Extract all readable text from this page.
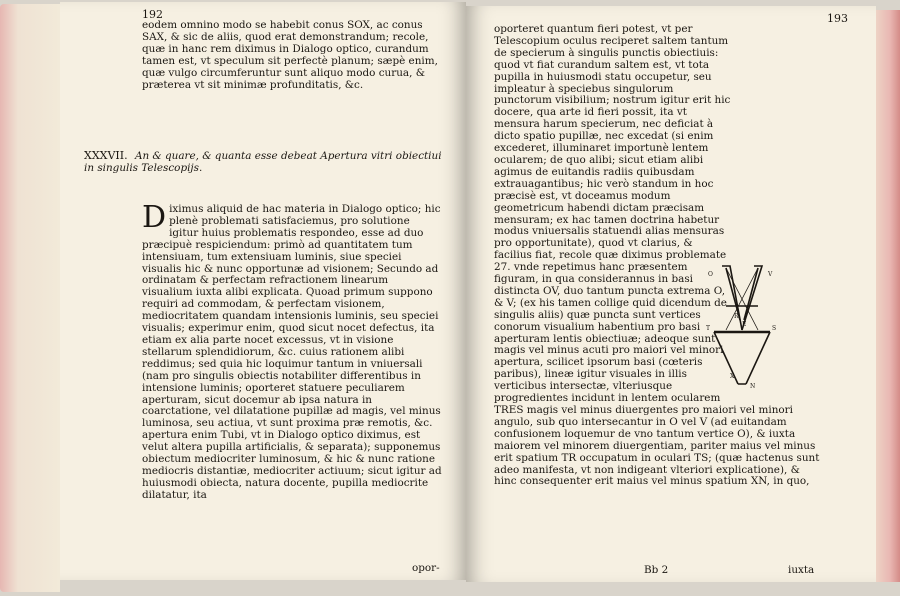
192

eodem omnino modo se habebit conus SOX, ac conus SAX, & sic de aliis, quod erat demonstrandum; recole, quæ in hanc rem diximus in Dialogo optico, curandum tamen est, vt speculum sit perfectè planum; sæpè enim, quæ vulgo circumferuntur sunt aliquo modo curua, & præterea vt sit minimæ profunditatis, &c.

XXXVII. An & quare, & quanta esse debeat Apertura vitri obiectiui in singulis Telescopijs.

Diximus aliquid de hac materia in Dialogo optico; hic plenè problemati satisfaciemus, pro solutione igitur huius problematis respondeo, esse ad duo præcipuè respiciendum: primò ad quantitatem tum intensiuam, tum extensiuam luminis, siue speciei visualis hic & nunc opportunæ ad visionem; Secundo ad ordinatam & perfectam refractionem linearum visualium iuxta alibi explicata. Quoad primum suppono requiri ad commodam, & perfectam visionem, mediocritatem quandam intensionis luminis, seu speciei visualis; experimur enim, quod sicut nocet defectus, ita etiam ex alia parte nocet excessus, vt in visione stellarum splendidiorum, &c. cuius rationem alibi reddimus; sed quia hic loquimur tantum in vniuersali (nam pro singulis obiectis notabiliter differentibus in intensione luminis; oporteret statuere peculiarem aperturam, sicut docemur ab ipsa natura in coarctatione, vel dilatatione pupillæ ad magis, vel minus luminosa, seu actiua, vt sunt proxima præ remotis, &c. apertura enim Tubi, vt in Dialogo optico diximus, est velut altera pupilla artificialis, & separata); supponemus obiectum mediocriter luminosum, & hic & nunc ratione mediocris distantiæ, mediocriter actiuum; sicut igitur ad huiusmodi obiecta, natura docente, pupilla mediocrite dilatatur, ita

opor-
193

oporteret quantum fieri potest, vt per Telescopium oculus reciperet saltem tantum de specierum à singulis punctis obiectiuis: quod vt fiat curandum saltem est, vt tota pupilla in huiusmodi statu occupetur, seu impleatur à speciebus singulorum punctorum visibilium; nostrum igitur erit hic docere, qua arte id fieri possit, ita vt mensura harum specierum, nec deficiat à dicto spatio pupillæ, nec excedat (si enim excederet, illuminaret importunè lentem ocularem; de quo alibi; sicut etiam alibi agimus de euitandis radiis quibusdam extrauagantibus; hic verò standum in hoc præcisè est, vt doceamus modum geometricum habendi dictam præcisam mensuram; ex hac tamen doctrina habetur modus vniuersalis statuendi alias mensuras pro opportunitate), quod vt clarius, & facilius fiat, recole quæ diximus problemate 27. vnde repetimus hanc præsentem figuram, in qua considerannus in basi distincta OV, duo tantum puncta extrema O, & V; (ex his tamen collige quid dicendum de singulis aliis) quæ puncta sunt vertices conorum visualium habentium pro basi aperturam lentis obiectiuæ; adeoque sunt magis vel minus acuti pro maiori vel minori apertura, scilicet ipsorum basi (cœteris paribus), lineæ igitur visuales in illis verticibus intersectæ, vlteriusque progredientes incidunt in lentem ocularem TRES magis vel minus diuergentes pro maiori vel minori angulo, sub quo intersecantur in O vel V (ad euitandam confusionem loquemur de vno tantum vertice O), & iuxta maiorem vel minorem diuergentiam, pariter maius vel minus erit spatium TR occupatum in oculari TS; (quæ hactenus sunt adeo manifesta, vt non indigeant vlteriori explicatione), & hinc consequenter erit maius vel minus spatium XN, in quo,

O	V
T
R
E
S
X
N
Bb 2	iuxta
